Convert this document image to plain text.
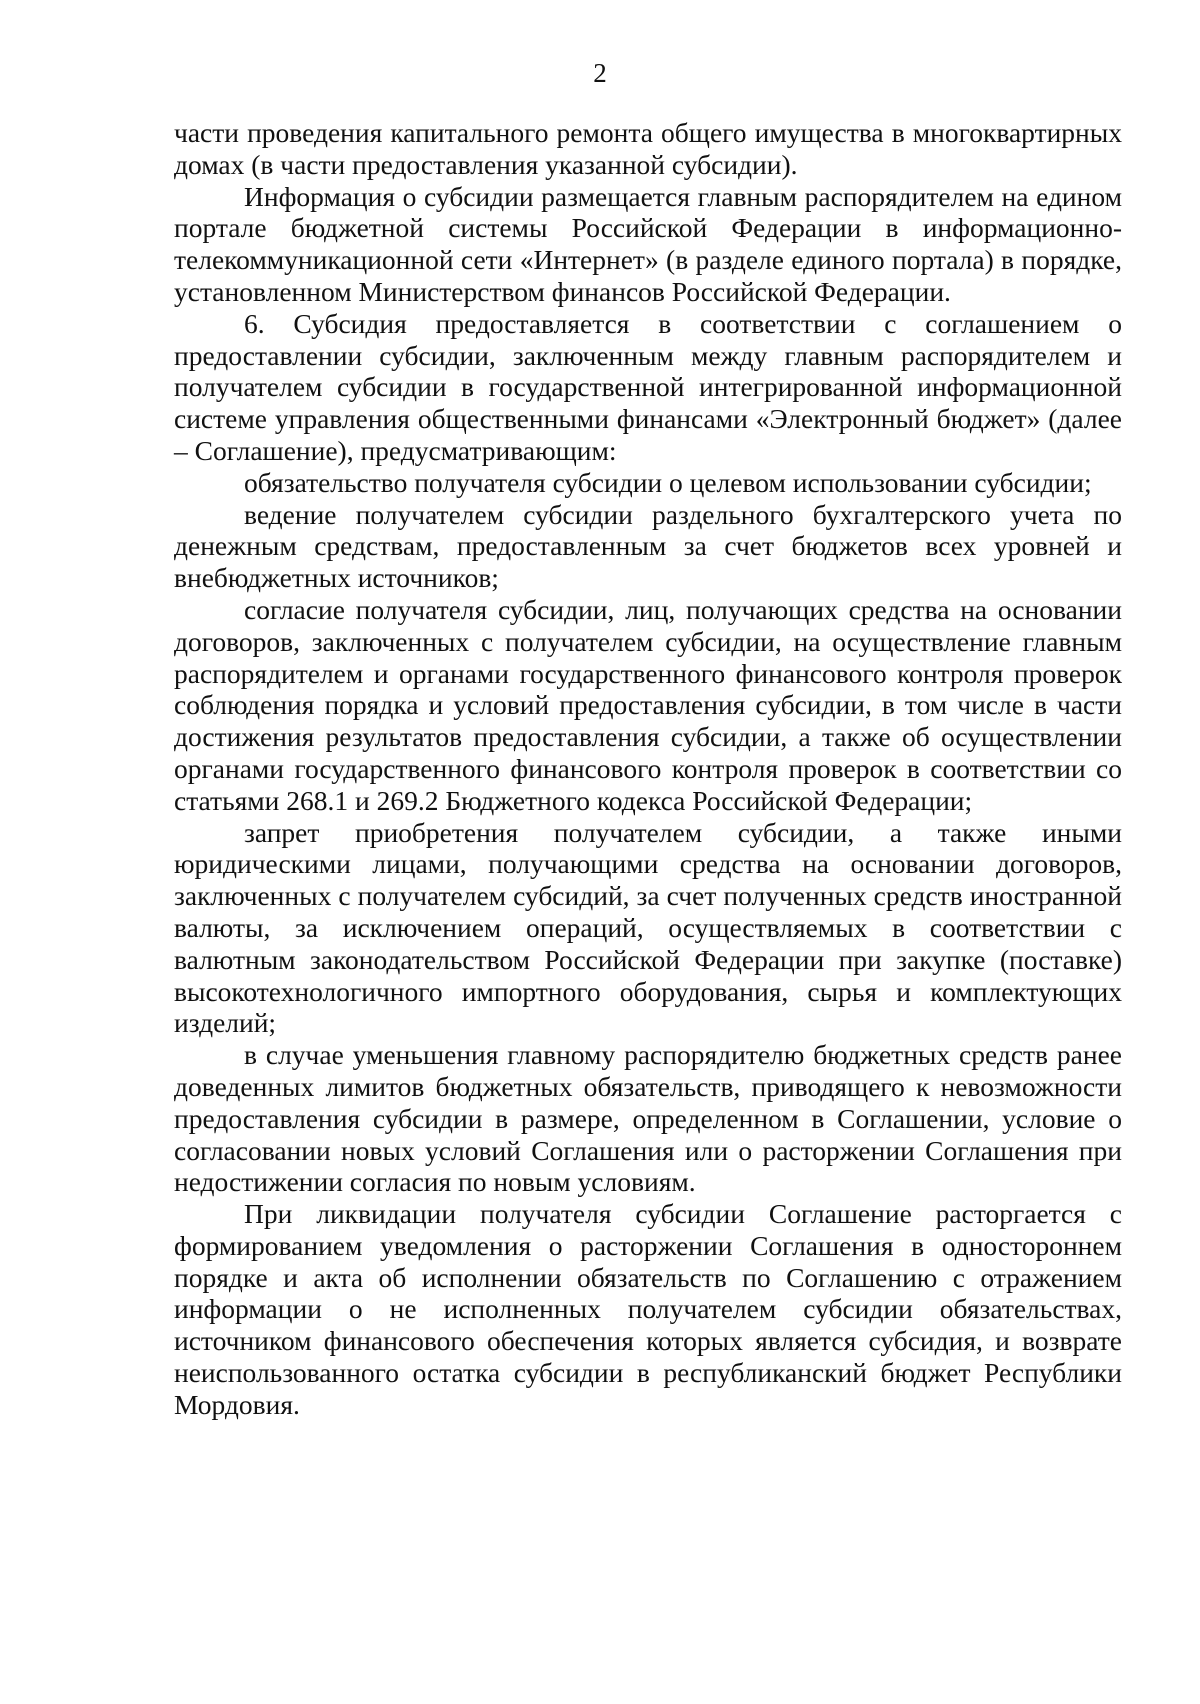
2

части проведения капитального ремонта общего имущества в многоквартирных домах (в части предоставления указанной субсидии).

Информация о субсидии размещается главным распорядителем на едином портале бюджетной системы Российской Федерации в информационно-телекоммуникационной сети «Интернет» (в разделе единого портала) в порядке, установленном Министерством финансов Российской Федерации.

6. Субсидия предоставляется в соответствии с соглашением о предоставлении субсидии, заключенным между главным распорядителем и получателем субсидии в государственной интегрированной информационной системе управления общественными финансами «Электронный бюджет» (далее – Соглашение), предусматривающим:

обязательство получателя субсидии о целевом использовании субсидии;

ведение получателем субсидии раздельного бухгалтерского учета по денежным средствам, предоставленным за счет бюджетов всех уровней и внебюджетных источников;

согласие получателя субсидии, лиц, получающих средства на основании договоров, заключенных с получателем субсидии, на осуществление главным распорядителем и органами государственного финансового контроля проверок соблюдения порядка и условий предоставления субсидии, в том числе в части достижения результатов предоставления субсидии, а также об осуществлении органами государственного финансового контроля проверок в соответствии со статьями 268.1 и 269.2 Бюджетного кодекса Российской Федерации;

запрет приобретения получателем субсидии, а также иными юридическими лицами, получающими средства на основании договоров, заключенных с получателем субсидий, за счет полученных средств иностранной валюты, за исключением операций, осуществляемых в соответствии с валютным законодательством Российской Федерации при закупке (поставке) высокотехнологичного импортного оборудования, сырья и комплектующих изделий;

в случае уменьшения главному распорядителю бюджетных средств ранее доведенных лимитов бюджетных обязательств, приводящего к невозможности предоставления субсидии в размере, определенном в Соглашении, условие о согласовании новых условий Соглашения или о расторжении Соглашения при недостижении согласия по новым условиям.

При ликвидации получателя субсидии Соглашение расторгается с формированием уведомления о расторжении Соглашения в одностороннем порядке и акта об исполнении обязательств по Соглашению с отражением информации о не исполненных получателем субсидии обязательствах, источником финансового обеспечения которых является субсидия, и возврате неиспользованного остатка субсидии в республиканский бюджет Республики Мордовия.
